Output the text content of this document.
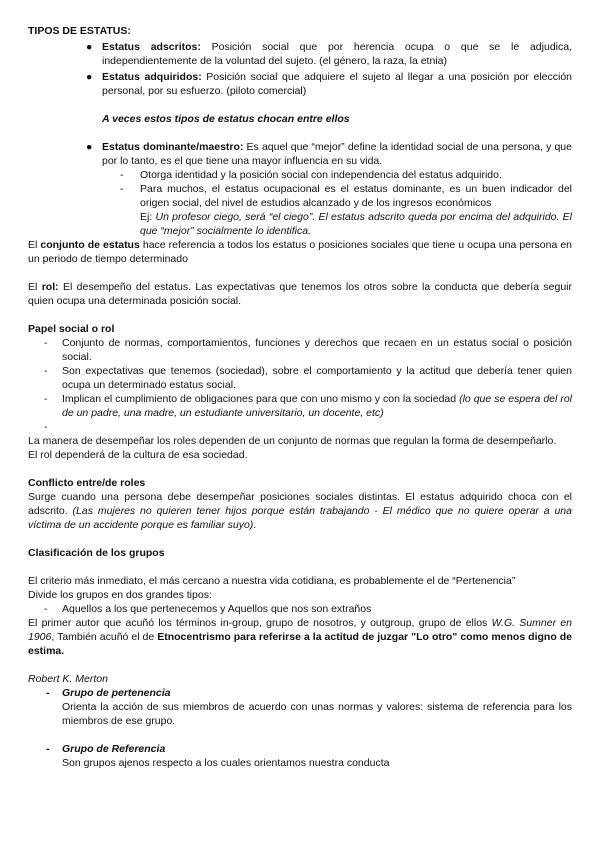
TIPOS DE ESTATUS:

● Estatus adscritos: Posición social que por herencia ocupa o que se le adjudica, independientemente de la voluntad del sujeto. (el género, la raza, la etnia)

● Estatus adquiridos: Posición social que adquiere el sujeto al llegar a una posición por elección personal, por su esfuerzo. (piloto comercial)

A veces estos tipos de estatus chocan entre ellos

● Estatus dominante/maestro: Es aquel que “mejor” define la identidad social de una persona, y que por lo tanto, es el que tiene una mayor influencia en su vida.

- Otorga identidad y la posición social con independencia del estatus adquirido.

- Para muchos, el estatus ocupacional es el estatus dominante, es un buen indicador del origen social, del nivel de estudios alcanzado y de los ingresos económicos

Ej: Un profesor ciego, será “el ciego”. El estatus adscrito queda por encima del adquirido. El que “mejor” socialmente lo identifica.

El conjunto de estatus hace referencia a todos los estatus o posiciones sociales que tiene u ocupa una persona en un periodo de tiempo determinado

El rol: El desempeño del estatus. Las expectativas que tenemos los otros sobre la conducta que debería seguir quien ocupa una determinada posición social.

Papel social o rol

- Conjunto de normas, comportamientos, funciones y derechos que recaen en un estatus social o posición social.

- Son expectativas que tenemos (sociedad), sobre el comportamiento y la actitud que debería tener quien ocupa un determinado estatus social.

- Implican el cumplimiento de obligaciones para que con uno mismo y con la sociedad (lo que se espera del rol de un padre, una madre, un estudiante universitario, un docente, etc)

-

La manera de desempeñar los roles dependen de un conjunto de normas que regulan la forma de desempeñarlo.

El rol dependerá de la cultura de esa sociedad.

Conflicto entre/de roles

Surge cuando una persona debe desempeñar posiciones sociales distintas. El estatus adquirido choca con el adscrito. (Las mujeres no quieren tener hijos porque están trabajando - El médico que no quiere operar a una víctima de un accidente porque es familiar suyo).

Clasificación de los grupos

El criterio más inmediato, el más cercano a nuestra vida cotidiana, es probablemente el de “Pertenencia”

Divide los grupos en dos grandes tipos:

- Aquellos a los que pertenecemos y Aquellos que nos son extraños

El primer autor que acuñó los términos in-group, grupo de nosotros, y outgroup, grupo de ellos W.G. Sumner en 1906, También acuñó el de Etnocentrismo para referirse a la actitud de juzgar "Lo otro" como menos digno de estima.

Robert K. Merton

- Grupo de pertenencia

Orienta la acción de sus miembros de acuerdo con unas normas y valores: sistema de referencia para los miembros de ese grupo.

- Grupo de Referencia

Son grupos ajenos respecto a los cuales orientamos nuestra conducta
